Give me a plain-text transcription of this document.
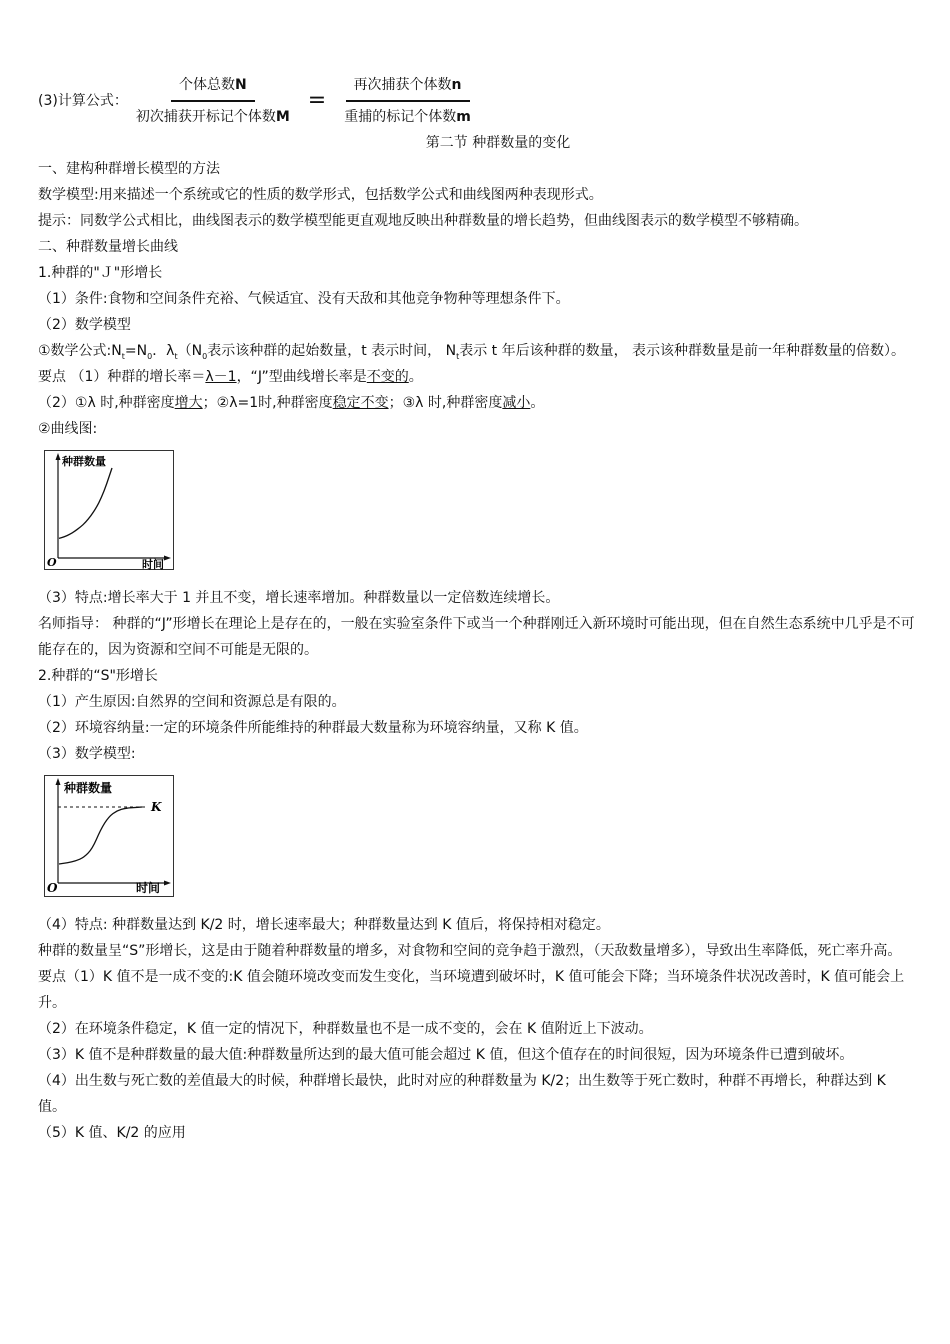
(3)计算公式： $\frac{\text{个体总数N}}{\text{初次捕获开标记个体数M}} = \frac{\text{再次捕获个体数n}}{\text{重捕的标记个体数m}}$
第二节 种群数量的变化
一、建构种群增长模型的方法
数学模型:用来描述一个系统或它的性质的数学形式，包括数学公式和曲线图两种表现形式。
提示：同数学公式相比，曲线图表示的数学模型能更直观地反映出种群数量的增长趋势，但曲线图表示的数学模型不够精确。
二、种群数量增长曲线
1.种群的"Ｊ"形增长
（1）条件:食物和空间条件充裕、气候适宜、没有天敌和其他竞争物种等理想条件下。
（2）数学模型
①数学公式$:N_t=N_0$．$\lambda_t(N_0$表示该种群的起始数量，t 表示时间， $N_t$表示 t 年后该种群的数量， 表示该种群数量是前一年种群数量的倍数）。
要点 （1）种群的增长率＝λ－1，“J”型曲线增长率是不变的。
（2）①λ 时,种群密度增大；②λ=1时,种群密度稳定不变；③λ 时,种群密度减小。
②曲线图:
种群数量
时间
O
（3）特点:增长率大于 1 并且不变，增长速率增加。种群数量以一定倍数连续增长。
名师指导： 种群的“J”形增长在理论上是存在的，一般在实验室条件下或当一个种群刚迁入新环境时可能出现，但在自然生态系统中几乎是不可能存在的，因为资源和空间不可能是无限的。
2.种群的“S"形增长
（1）产生原因:自然界的空间和资源总是有限的。
（2）环境容纳量:一定的环境条件所能维持的种群最大数量称为环境容纳量，又称 K 值。
（3）数学模型:
种群数量
时间
O
K
（4）特点: 种群数量达到 K/2 时，增长速率最大；种群数量达到 K 值后，将保持相对稳定。
种群的数量呈“S”形增长，这是由于随着种群数量的增多，对食物和空间的竞争趋于激烈，（天敌数量增多），导致出生率降低，死亡率升高。
要点（1）K 值不是一成不变的:K 值会随环境改变而发生变化，当环境遭到破坏时，K 值可能会下降；当环境条件状况改善时，K 值可能会上升。
（2）在环境条件稳定，K 值一定的情况下，种群数量也不是一成不变的，会在 K 值附近上下波动。
（3）K 值不是种群数量的最大值:种群数量所达到的最大值可能会超过 K 值，但这个值存在的时间很短，因为环境条件已遭到破坏。
（4）出生数与死亡数的差值最大的时候，种群增长最快，此时对应的种群数量为 K/2；出生数等于死亡数时，种群不再增长，种群达到 K 值。
（5）K 值、K/2 的应用
